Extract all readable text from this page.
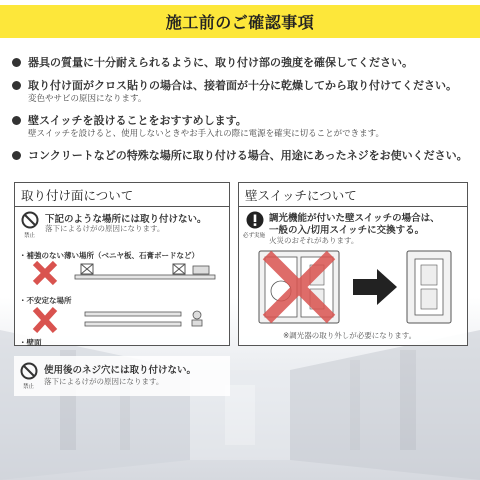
施工前のご確認事項
器具の質量に十分耐えられるように、取り付け部の強度を確保してください。
取り付け面がクロス貼りの場合は、接着面が十分に乾燥してから取り付けてください。
変色やサビの原因になります。
壁スイッチを設けることをおすすめします。
壁スイッチを設けると、使用しないときやお手入れの際に電源を確実に切ることができます。
コンクリートなどの特殊な場所に取り付ける場合、用途にあったネジをお使いください。
取り付け面について
禁止
下記のような場所には取り付けない。
落下によるけがの原因になります。
・補強のない薄い場所（ベニヤ板、石膏ボードなど）
・不安定な場所
・壁面
禁止
使用後のネジ穴には取り付けない。
落下によるけがの原因になります。
壁スイッチについて
必ず実施
調光機能が付いた壁スイッチの場合は、
一般の入/切用スイッチに交換する。
火災のおそれがあります。
※調光器の取り外しが必要になります。
